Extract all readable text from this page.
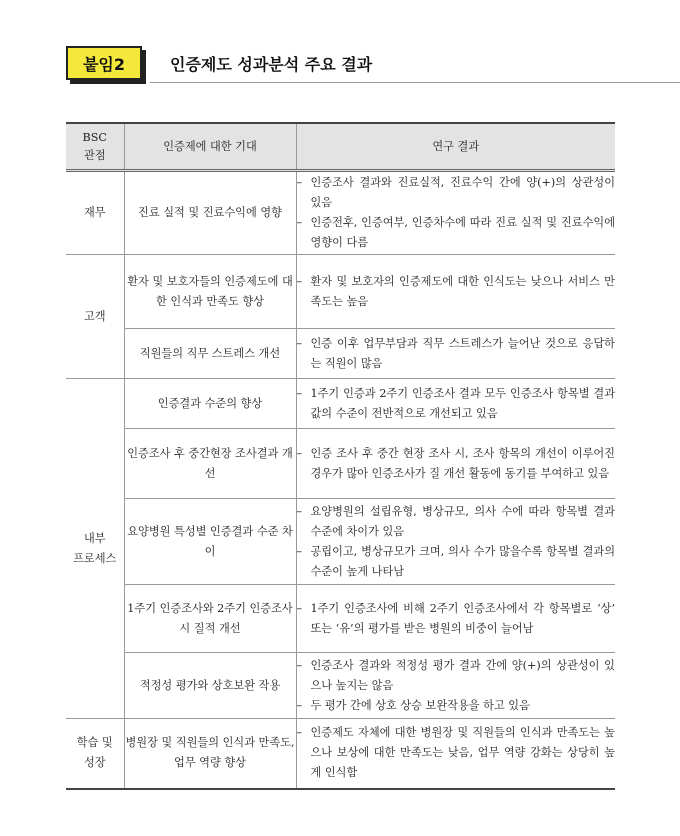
붙임2	인증제도 성과분석 주요 결과
BSC
관점	인증제에 대한 기대	연구 결과
재무	진료 실적 및 진료수익에 영향	– 인증조사 결과와 진료실적, 진료수익 간에 양(+)의 상관성이 있음
– 인증전후, 인증여부, 인증차수에 따라 진료 실적 및 진료수익에 영향이 다름

고객	환자 및 보호자들의 인증제도에 대한 인식과 만족도 향상	– 환자 및 보호자의 인증제도에 대한 인식도는 낮으나 서비스 만족도는 높음

	직원들의 직무 스트레스 개선	– 인증 이후 업무부담과 직무 스트레스가 늘어난 것으로 응답하는 직원이 많음

내부
프로세스	인증결과 수준의 향상	– 1주기 인증과 2주기 인증조사 결과 모두 인증조사 항목별 결과 값의 수준이 전반적으로 개선되고 있음

	인증조사 후 중간현장 조사결과 개선	– 인증 조사 후 중간 현장 조사 시, 조사 항목의 개선이 이루어진 경우가 많아 인증조사가 질 개선 활동에 동기를 부여하고 있음

	요양병원 특성별 인증결과 수준 차이	– 요양병원의 설립유형, 병상규모, 의사 수에 따라 항목별 결과 수준에 차이가 있음
– 공립이고, 병상규모가 크며, 의사 수가 많을수록 항목별 결과의 수준이 높게 나타남

	1주기 인증조사와 2주기 인증조사 시 질적 개선	– 1주기 인증조사에 비해 2주기 인증조사에서 각 항목별로 ‘상’ 또는 ‘유’의 평가를 받은 병원의 비중이 늘어남

	적정성 평가와 상호보완 작용	– 인증조사 결과와 적정성 평가 결과 간에 양(+)의 상관성이 있으나 높지는 않음
– 두 평가 간에 상호 상승 보완작용을 하고 있음

학습 및
성장	병원장 및 직원들의 인식과 만족도, 업무 역량 향상	– 인증제도 자체에 대한 병원장 및 직원들의 인식과 만족도는 높으나 보상에 대한 만족도는 낮음, 업무 역량 강화는 상당히 높게 인식함
